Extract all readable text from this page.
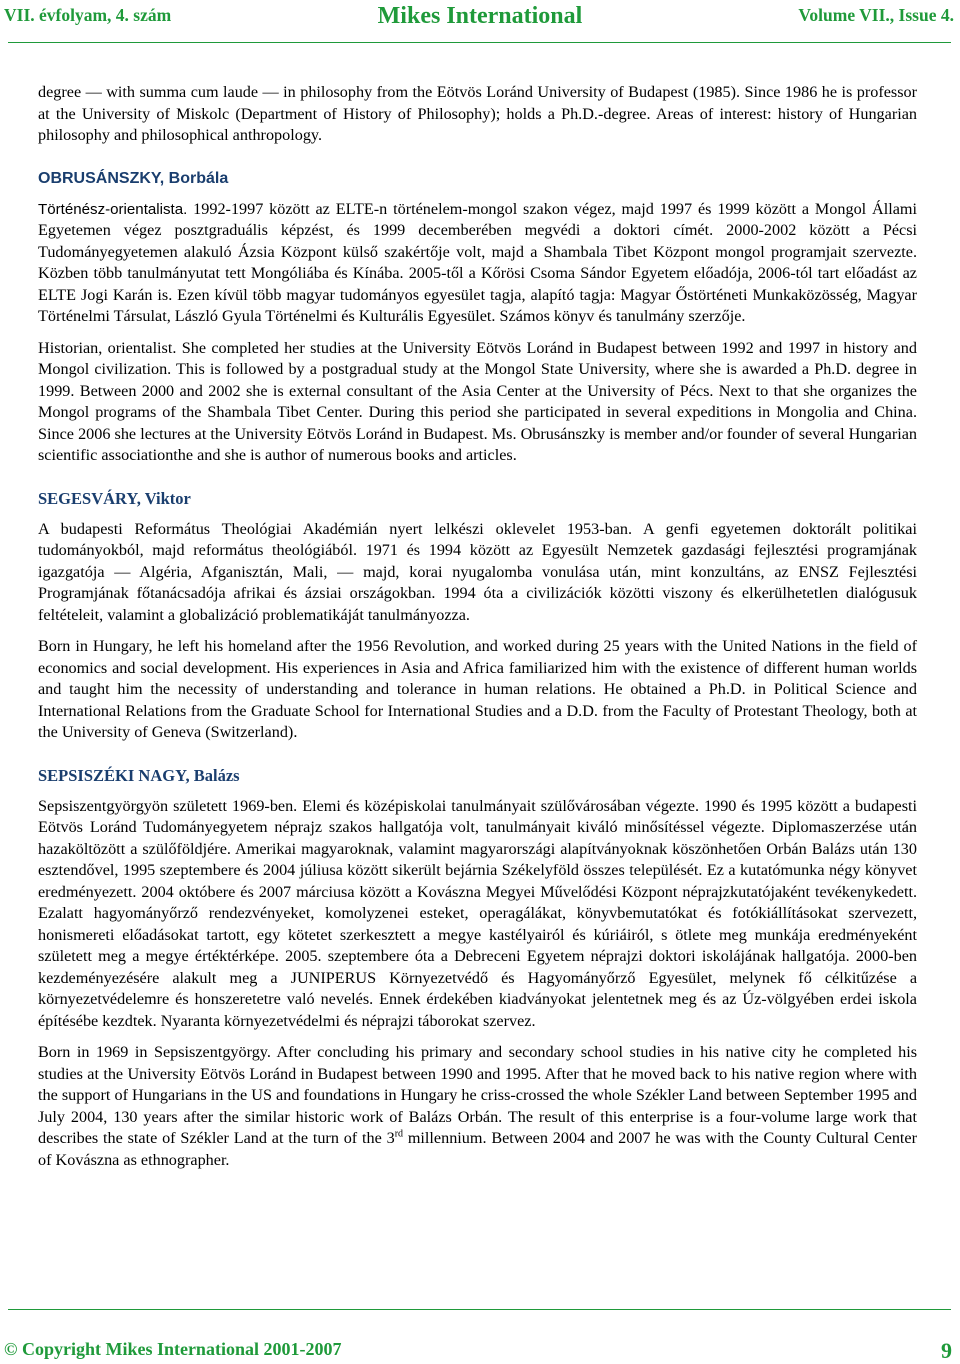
VII. évfolyam, 4. szám	Mikes International	Volume VII., Issue 4.

degree — with summa cum laude — in philosophy from the Eötvös Loránd University of Budapest (1985). Since 1986 he is professor at the University of Miskolc (Department of History of Philosophy); holds a Ph.D.-degree. Areas of interest: history of Hungarian philosophy and philosophical anthropology.

OBRUSÁNSZKY, Borbála

Történész-orientalista. 1992-1997 között az ELTE-n történelem-mongol szakon végez, majd 1997 és 1999 között a Mongol Állami Egyetemen végez posztgraduális képzést, és 1999 decemberében megvédi a doktori címét. 2000-2002 között a Pécsi Tudományegyetemen alakuló Ázsia Központ külső szakértője volt, majd a Shambala Tibet Központ mongol programjait szervezte. Közben több tanulmányutat tett Mongóliába és Kínába. 2005-től a Kőrösi Csoma Sándor Egyetem előadója, 2006-tól tart előadást az ELTE Jogi Karán is. Ezen kívül több magyar tudományos egyesület tagja, alapító tagja: Magyar Őstörténeti Munkaközösség, Magyar Történelmi Társulat, László Gyula Történelmi és Kulturális Egyesület. Számos könyv és tanulmány szerzője.

Historian, orientalist. She completed her studies at the University Eötvös Loránd in Budapest between 1992 and 1997 in history and Mongol civilization. This is followed by a postgradual study at the Mongol State University, where she is awarded a Ph.D. degree in 1999. Between 2000 and 2002 she is external consultant of the Asia Center at the University of Pécs. Next to that she organizes the Mongol programs of the Shambala Tibet Center. During this period she participated in several expeditions in Mongolia and China. Since 2006 she lectures at the University Eötvös Loránd in Budapest. Ms. Obrusánszky is member and/or founder of several Hungarian scientific associationthe and she is author of numerous books and articles.

SEGESVÁRY, Viktor

A budapesti Református Theológiai Akadémián nyert lelkészi oklevelet 1953-ban. A genfi egyetemen doktorált politikai tudományokból, majd református theológiából. 1971 és 1994 között az Egyesült Nemzetek gazdasági fejlesztési programjának igazgatója — Algéria, Afganisztán, Mali, — majd, korai nyugalomba vonulása után, mint konzultáns, az ENSZ Fejlesztési Programjának főtanácsadója afrikai és ázsiai országokban. 1994 óta a civilizációk közötti viszony és elkerülhetetlen dialógusuk feltételeit, valamint a globalizáció problematikáját tanulmányozza.

Born in Hungary, he left his homeland after the 1956 Revolution, and worked during 25 years with the United Nations in the field of economics and social development. His experiences in Asia and Africa familiarized him with the existence of different human worlds and taught him the necessity of understanding and tolerance in human relations. He obtained a Ph.D. in Political Science and International Relations from the Graduate School for International Studies and a D.D. from the Faculty of Protestant Theology, both at the University of Geneva (Switzerland).

SEPSISZÉKI NAGY, Balázs

Sepsiszentgyörgyön született 1969-ben. Elemi és középiskolai tanulmányait szülővárosában végezte. 1990 és 1995 között a budapesti Eötvös Loránd Tudományegyetem néprajz szakos hallgatója volt, tanulmányait kiváló minősítéssel végezte. Diplomaszerzése után hazaköltözött a szülőföldjére. Amerikai magyaroknak, valamint magyarországi alapítványoknak köszönhetően Orbán Balázs után 130 esztendővel, 1995 szeptembere és 2004 júliusa között sikerült bejárnia Székelyföld összes települését. Ez a kutatómunka négy könyvet eredményezett. 2004 októbere és 2007 márciusa között a Kovászna Megyei Művelődési Központ néprajzkutatójaként tevékenykedett. Ezalatt hagyományőrző rendezvényeket, komolyzenei esteket, operagálákat, könyvbemutatókat és fotókiállításokat szervezett, honismereti előadásokat tartott, egy kötetet szerkesztett a megye kastélyairól és kúriáiról, s ötlete meg munkája eredményeként született meg a megye értéktérképe. 2005. szeptembere óta a Debreceni Egyetem néprajzi doktori iskolájának hallgatója. 2000-ben kezdeményezésére alakult meg a JUNIPERUS Környezetvédő és Hagyományőrző Egyesület, melynek fő célkitűzése a környezetvédelemre és honszeretetre való nevelés. Ennek érdekében kiadványokat jelentetnek meg és az Úz-völgyében erdei iskola építésébe kezdtek. Nyaranta környezetvédelmi és néprajzi táborokat szervez.

Born in 1969 in Sepsiszentgyörgy. After concluding his primary and secondary school studies in his native city he completed his studies at the University Eötvös Loránd in Budapest between 1990 and 1995. After that he moved back to his native region where with the support of Hungarians in the US and foundations in Hungary he criss-crossed the whole Székler Land between September 1995 and July 2004, 130 years after the similar historic work of Balázs Orbán. The result of this enterprise is a four-volume large work that describes the state of Székler Land at the turn of the 3rd millennium. Between 2004 and 2007 he was with the County Cultural Center of Kovászna as ethnographer.

© Copyright Mikes International 2001-2007	9
